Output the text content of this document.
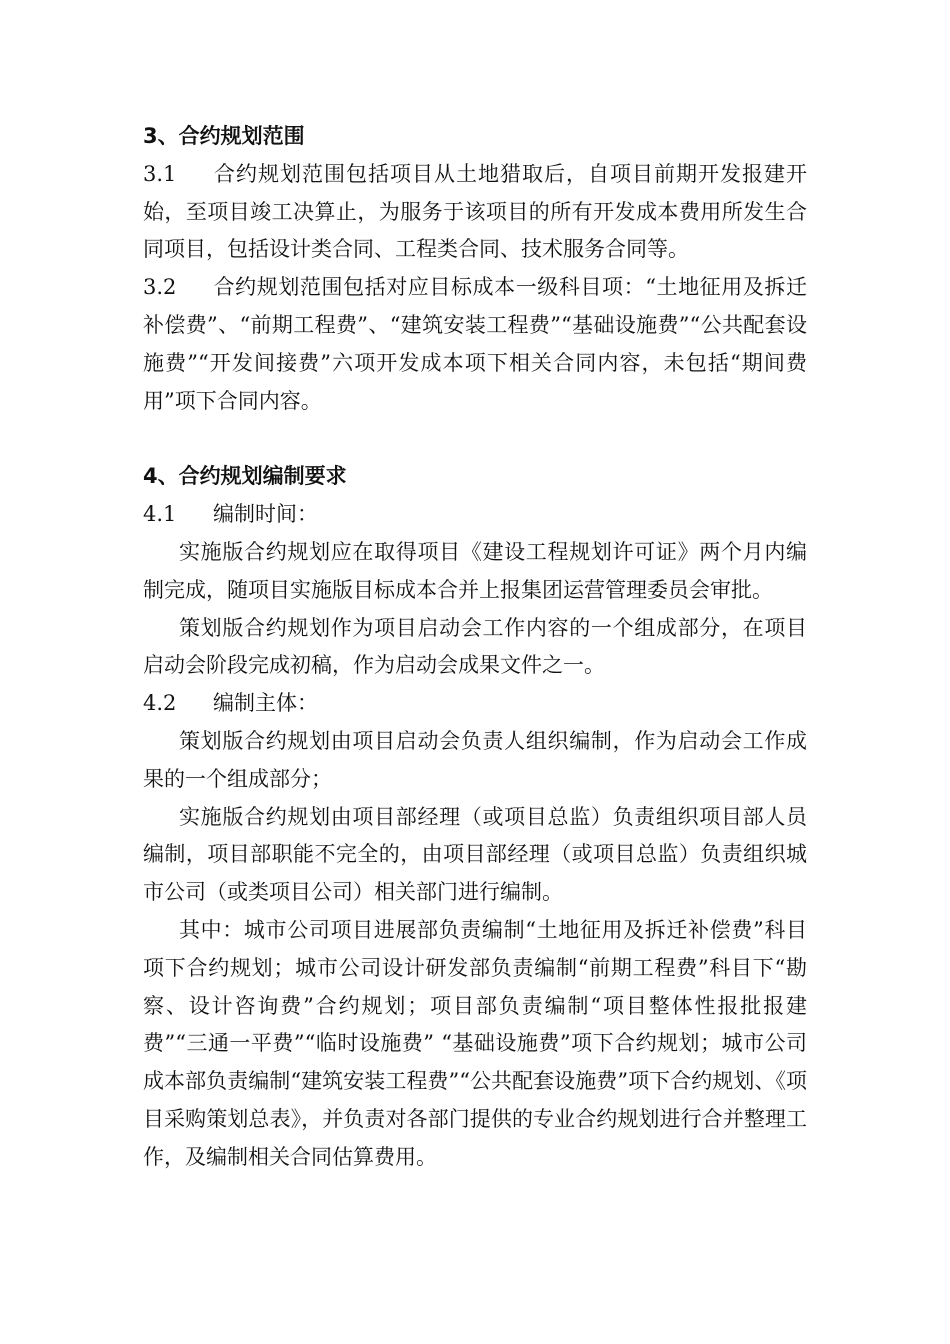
3、合约规划范围

3.1 合约规划范围包括项目从土地猎取后，自项目前期开发报建开始，至项目竣工决算止，为服务于该项目的所有开发成本费用所发生合同项目，包括设计类合同、工程类合同、技术服务合同等。

3.2 合约规划范围包括对应目标成本一级科目项：“土地征用及拆迁补偿费”、“前期工程费”、“建筑安装工程费”“基础设施费”“公共配套设施费”“开发间接费”六项开发成本项下相关合同内容，未包括“期间费用”项下合同内容。

4、合约规划编制要求

4.1 编制时间：

实施版合约规划应在取得项目《建设工程规划许可证》两个月内编制完成，随项目实施版目标成本合并上报集团运营管理委员会审批。

策划版合约规划作为项目启动会工作内容的一个组成部分，在项目启动会阶段完成初稿，作为启动会成果文件之一。

4.2 编制主体：

策划版合约规划由项目启动会负责人组织编制，作为启动会工作成果的一个组成部分；

实施版合约规划由项目部经理（或项目总监）负责组织项目部人员编制，项目部职能不完全的，由项目部经理（或项目总监）负责组织城市公司（或类项目公司）相关部门进行编制。

其中：城市公司项目进展部负责编制“土地征用及拆迁补偿费”科目项下合约规划；城市公司设计研发部负责编制“前期工程费”科目下“勘察、设计咨询费”合约规划；项目部负责编制“项目整体性报批报建费”“三通一平费”“临时设施费” “基础设施费”项下合约规划；城市公司成本部负责编制“建筑安装工程费”“公共配套设施费”项下合约规划、《项目采购策划总表》，并负责对各部门提供的专业合约规划进行合并整理工作，及编制相关合同估算费用。
